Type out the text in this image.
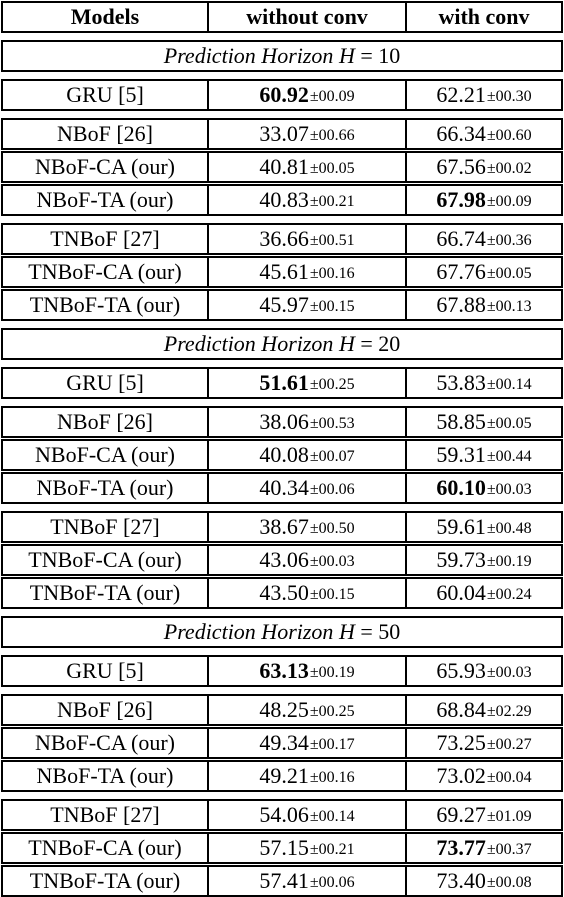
Models	without conv	with conv
Prediction Horizon H = 10
GRU [5]	60.92 ±00.09	62.21 ±00.30
NBoF [26]	33.07 ±00.66	66.34 ±00.60
NBoF-CA (our)	40.81 ±00.05	67.56 ±00.02
NBoF-TA (our)	40.83 ±00.21	67.98 ±00.09
TNBoF [27]	36.66 ±00.51	66.74 ±00.36
TNBoF-CA (our)	45.61 ±00.16	67.76 ±00.05
TNBoF-TA (our)	45.97 ±00.15	67.88 ±00.13
Prediction Horizon H = 20
GRU [5]	51.61 ±00.25	53.83 ±00.14
NBoF [26]	38.06 ±00.53	58.85 ±00.05
NBoF-CA (our)	40.08 ±00.07	59.31 ±00.44
NBoF-TA (our)	40.34 ±00.06	60.10 ±00.03
TNBoF [27]	38.67 ±00.50	59.61 ±00.48
TNBoF-CA (our)	43.06 ±00.03	59.73 ±00.19
TNBoF-TA (our)	43.50 ±00.15	60.04 ±00.24
Prediction Horizon H = 50
GRU [5]	63.13 ±00.19	65.93 ±00.03
NBoF [26]	48.25 ±00.25	68.84 ±02.29
NBoF-CA (our)	49.34 ±00.17	73.25 ±00.27
NBoF-TA (our)	49.21 ±00.16	73.02 ±00.04
TNBoF [27]	54.06 ±00.14	69.27 ±01.09
TNBoF-CA (our)	57.15 ±00.21	73.77 ±00.37
TNBoF-TA (our)	57.41 ±00.06	73.40 ±00.08
